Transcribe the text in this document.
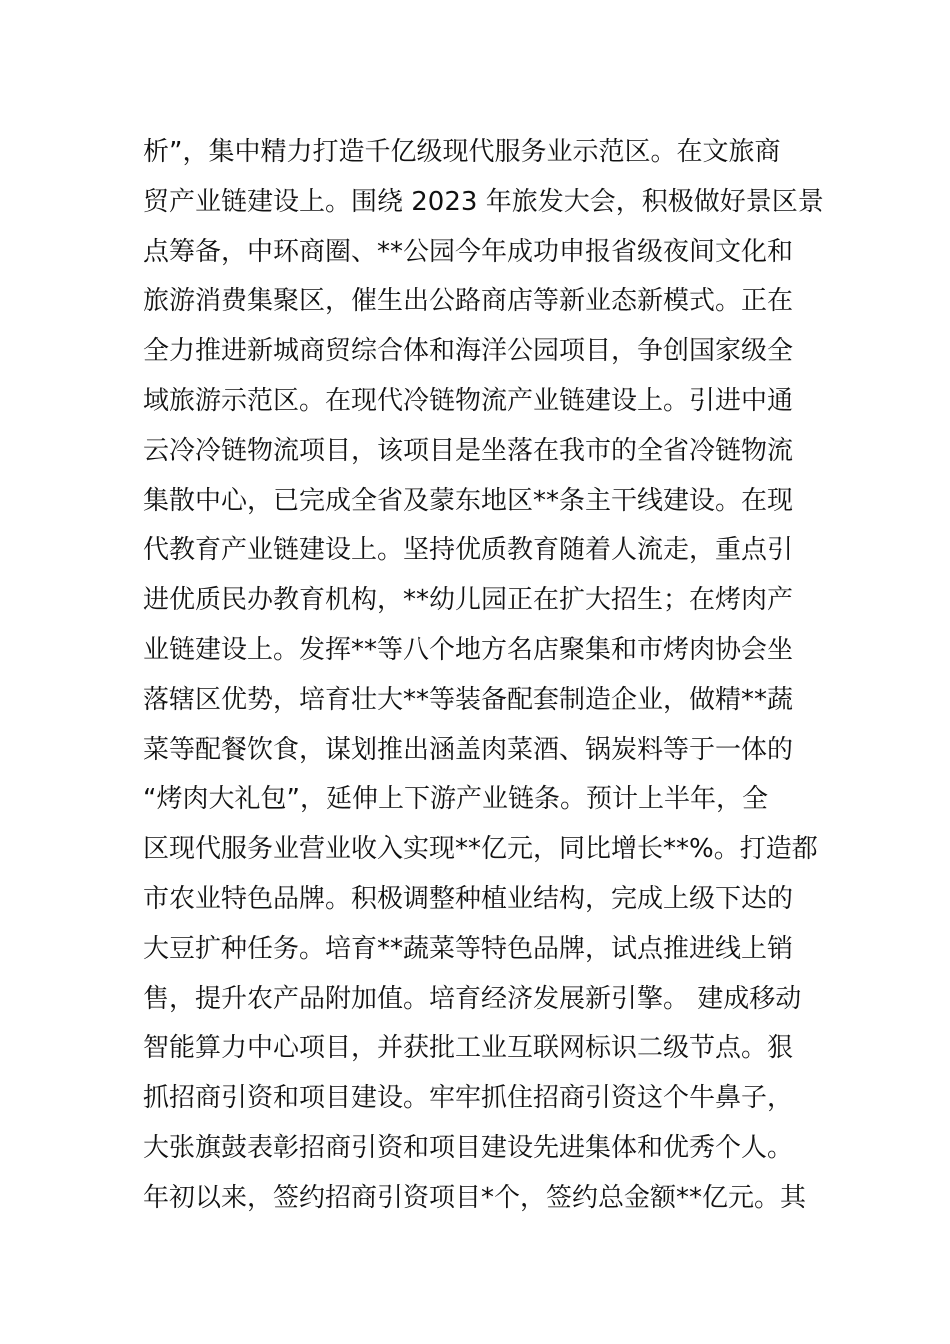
析”，集中精力打造千亿级现代服务业示范区。在文旅商
贸产业链建设上。围绕 2023 年旅发大会，积极做好景区景
点筹备，中环商圈、**公园今年成功申报省级夜间文化和
旅游消费集聚区，催生出公路商店等新业态新模式。正在
全力推进新城商贸综合体和海洋公园项目，争创国家级全
域旅游示范区。在现代冷链物流产业链建设上。引进中通
云冷冷链物流项目，该项目是坐落在我市的全省冷链物流
集散中心，已完成全省及蒙东地区**条主干线建设。在现
代教育产业链建设上。坚持优质教育随着人流走，重点引
进优质民办教育机构，**幼儿园正在扩大招生；在烤肉产
业链建设上。发挥**等八个地方名店聚集和市烤肉协会坐
落辖区优势，培育壮大**等装备配套制造企业，做精**蔬
菜等配餐饮食，谋划推出涵盖肉菜酒、锅炭料等于一体的
“烤肉大礼包”，延伸上下游产业链条。预计上半年，全
区现代服务业营业收入实现**亿元，同比增长**%。打造都
市农业特色品牌。积极调整种植业结构，完成上级下达的
大豆扩种任务。培育**蔬菜等特色品牌，试点推进线上销
售，提升农产品附加值。培育经济发展新引擎。 建成移动
智能算力中心项目，并获批工业互联网标识二级节点。狠
抓招商引资和项目建设。牢牢抓住招商引资这个牛鼻子，
大张旗鼓表彰招商引资和项目建设先进集体和优秀个人。
年初以来，签约招商引资项目*个，签约总金额**亿元。其
